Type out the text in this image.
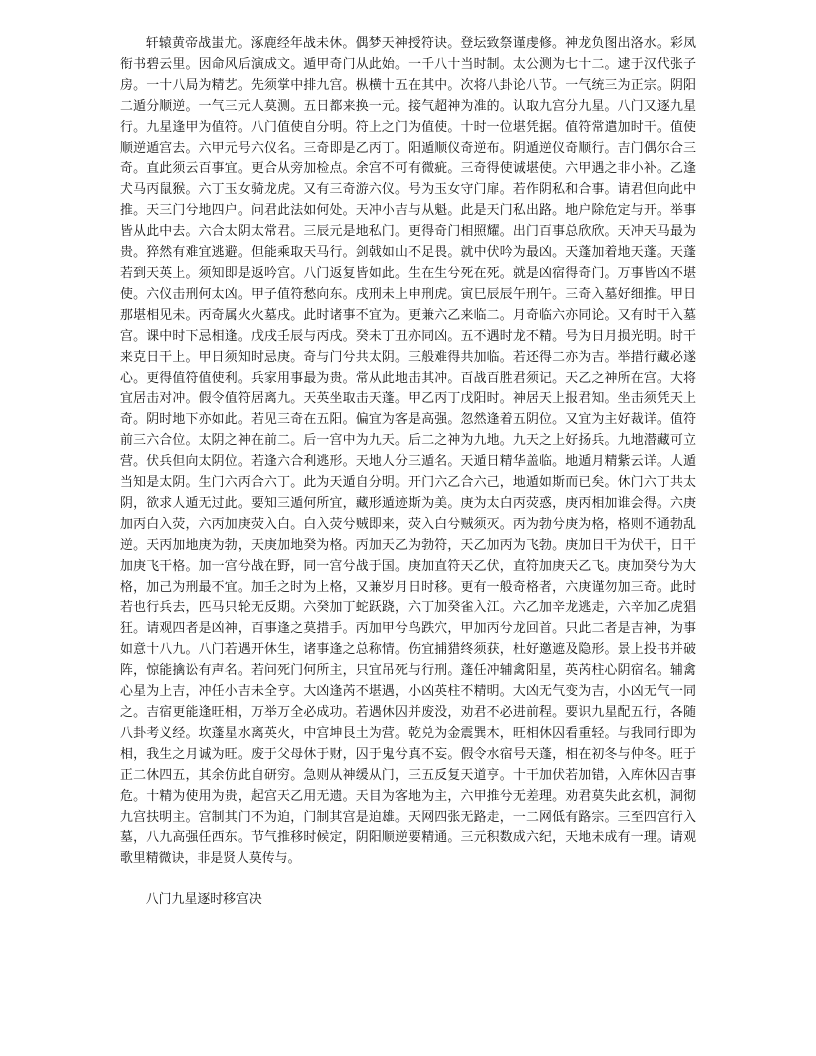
轩辕黄帝战蚩尤。涿鹿经年战未休。偶梦天神授符诀。登坛致祭谨虔修。神龙负图出洛水。彩凤衔书碧云里。因命风后演成文。遁甲奇门从此始。一千八十当时制。太公测为七十二。逮于汉代张子房。一十八局为精艺。先须掌中排九宫。枞横十五在其中。次将八卦论八节。一气统三为正宗。阴阳二遁分顺逆。一气三元人莫测。五日都来换一元。接气超神为准的。认取九宫分九星。八门又逐九星行。九星逢甲为值符。八门值使自分明。符上之门为值使。十时一位堪凭据。值符常遣加时干。值使顺逆遁宫去。六甲元号六仪名。三奇即是乙丙丁。阳遁顺仪奇逆布。阴遁逆仪奇顺行。吉门偶尔合三奇。直此须云百事宜。更合从旁加检点。余宫不可有微疵。三奇得使诚堪使。六甲遇之非小补。乙逢犬马丙鼠猴。六丁玉女骑龙虎。又有三奇游六仪。号为玉女守门扉。若作阴私和合事。请君但向此中推。天三门兮地四户。问君此法如何处。天冲小吉与从魁。此是天门私出路。地户除危定与开。举事皆从此中去。六合太阴太常君。三辰元是地私门。更得奇门相照耀。出门百事总欣欣。天冲天马最为贵。猝然有难宜逃避。但能乘取天马行。剑戟如山不足畏。就中伏吟为最凶。天蓬加着地天蓬。天蓬若到天英上。须知即是返吟宫。八门返复皆如此。生在生兮死在死。就是凶宿得奇门。万事皆凶不堪使。六仪击刑何太凶。甲子值符愁向东。戌刑未上申刑虎。寅巳辰辰午刑午。三奇入墓好细推。甲日那堪相见未。丙奇属火火墓戌。此时诸事不宜为。更兼六乙来临二。月奇临六亦同论。又有时干入墓宫。课中时下忌相逢。戊戌壬辰与丙戌。癸未丁丑亦同凶。五不遇时龙不精。号为日月损光明。时干来克日干上。甲日须知时忌庚。奇与门兮共太阴。三般难得共加临。若还得二亦为吉。举措行藏必遂心。更得值符值使利。兵家用事最为贵。常从此地击其冲。百战百胜君须记。天乙之神所在宫。大将宜居击对冲。假令值符居离九。天英坐取击天蓬。甲乙丙丁戊阳时。神居天上报君知。坐击须凭天上奇。阴时地下亦如此。若见三奇在五阳。偏宜为客是高强。忽然逢着五阴位。又宜为主好裁详。值符前三六合位。太阴之神在前二。后一宫中为九天。后二之神为九地。九天之上好扬兵。九地潜藏可立营。伏兵但向太阴位。若逢六合利逃形。天地人分三遁名。天遁日精华盖临。地遁月精紫云详。人遁当知是太阴。生门六丙合六丁。此为天遁自分明。开门六乙合六己，地遁如斯而已矣。休门六丁共太阴，欲求人遁无过此。要知三遁何所宜，藏形遁迹斯为美。庚为太白丙荧惑，庚丙相加谁会得。六庚加丙白入荧，六丙加庚荧入白。白入荧兮贼即来，荧入白兮贼须灭。丙为勃兮庚为格，格则不通勃乱逆。天丙加地庚为勃，天庚加地癸为格。丙加天乙为勃符，天乙加丙为飞勃。庚加日干为伏干，日干加庚飞干格。加一宫兮战在野，同一宫兮战于国。庚加直符天乙伏，直符加庚天乙飞。庚加癸兮为大格，加己为刑最不宜。加壬之时为上格，又兼岁月日时移。更有一般奇格者，六庚谨勿加三奇。此时若也行兵去，匹马只轮无反期。六癸加丁蛇跃跷，六丁加癸雀入江。六乙加辛龙逃走，六辛加乙虎猖狂。请观四者是凶神，百事逢之莫措手。丙加甲兮鸟跌穴，甲加丙兮龙回首。只此二者是吉神，为事如意十八九。八门若遇开休生，诸事逢之总称情。伤宜捕猎终须获，杜好邀遮及隐形。景上投书并破阵，惊能擒讼有声名。若问死门何所主，只宜吊死与行刑。蓬任冲辅禽阳星，英芮柱心阴宿名。辅禽心星为上吉，冲任小吉未全亨。大凶逢芮不堪遇，小凶英柱不精明。大凶无气变为吉，小凶无气一同之。吉宿更能逢旺相，万举万全必成功。若遇休囚并废没，劝君不必进前程。要识九星配五行，各随八卦考义经。坎蓬星水离英火，中宫坤艮土为营。乾兑为金震巽木，旺相休囚看重轻。与我同行即为相，我生之月诚为旺。废于父母休于财，囚于鬼兮真不妄。假令水宿号天蓬，相在初冬与仲冬。旺于正二休四五，其余仿此自研穷。急则从神缓从门，三五反复天道亨。十干加伏若加错，入库休囚吉事危。十精为使用为贵，起宫天乙用无遗。天目为客地为主，六甲推兮无差理。劝君莫失此玄机，洞彻九宫扶明主。宫制其门不为迫，门制其宫是迫雄。天网四张无路走，一二网低有路宗。三至四宫行入墓，八九高强任西东。节气推移时候定，阴阳顺逆要精通。三元积数成六纪，天地未成有一理。请观歌里精微诀，非是贤人莫传与。

八门九星逐时移宫决
